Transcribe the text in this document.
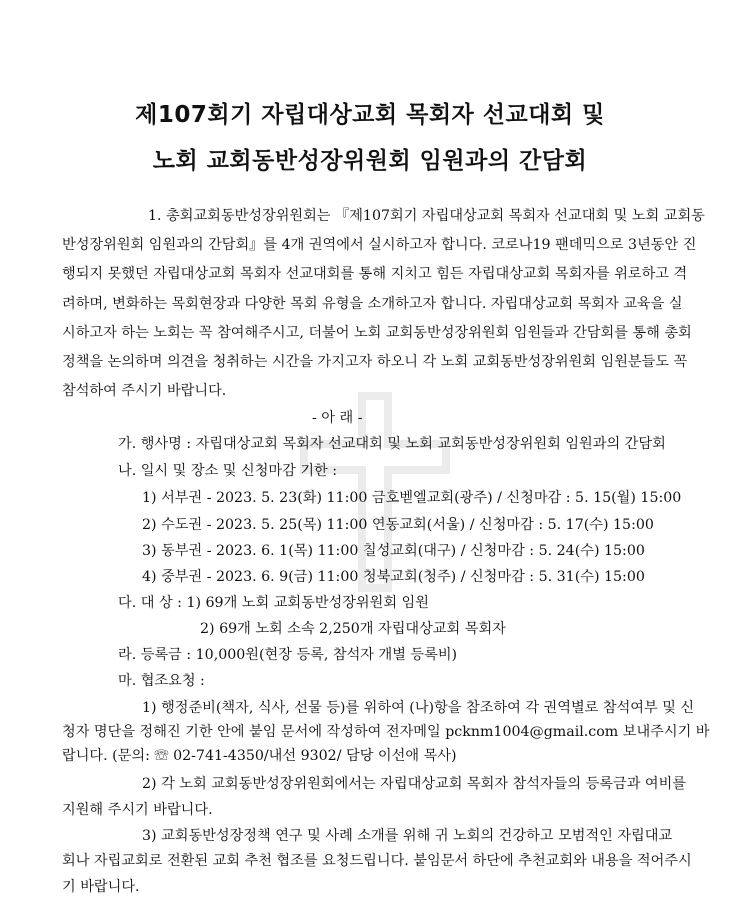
제107회기 자립대상교회 목회자 선교대회 및
노회 교회동반성장위원회 임원과의 간담회
1. 총회교회동반성장위원회는 『제107회기 자립대상교회 목회자 선교대회 및 노회 교회동
반성장위원회 임원과의 간담회』를 4개 권역에서 실시하고자 합니다. 코로나19 팬데믹으로 3년동안 진
행되지 못했던 자립대상교회 목회자 선교대회를 통해 지치고 힘든 자립대상교회 목회자를 위로하고 격
려하며, 변화하는 목회현장과 다양한 목회 유형을 소개하고자 합니다. 자립대상교회 목회자 교육을 실
시하고자 하는 노회는 꼭 참여해주시고, 더불어 노회 교회동반성장위원회 임원들과 간담회를 통해 총회
정책을 논의하며 의견을 청취하는 시간을 가지고자 하오니 각 노회 교회동반성장위원회 임원분들도 꼭
참석하여 주시기 바랍니다.
- 아 래 -
가. 행사명 : 자립대상교회 목회자 선교대회 및 노회 교회동반성장위원회 임원과의 간담회
나. 일시 및 장소 및 신청마감 기한 :
1) 서부권 - 2023. 5. 23(화) 11:00 금호벧엘교회(광주) / 신청마감 : 5. 15(월) 15:00
2) 수도권 - 2023. 5. 25(목) 11:00 연동교회(서울) / 신청마감 : 5. 17(수) 15:00
3) 동부권 - 2023. 6. 1(목) 11:00 칠성교회(대구) / 신청마감 : 5. 24(수) 15:00
4) 중부권 - 2023. 6. 9(금) 11:00 청북교회(청주) / 신청마감 : 5. 31(수) 15:00
다. 대 상 : 1) 69개 노회 교회동반성장위원회 임원
2) 69개 노회 소속 2,250개 자립대상교회 목회자
라. 등록금 : 10,000원(현장 등록, 참석자 개별 등록비)
마. 협조요청 :
1) 행정준비(책자, 식사, 선물 등)를 위하여 (나)항을 참조하여 각 권역별로 참석여부 및 신
청자 명단을 정해진 기한 안에 붙임 문서에 작성하여 전자메일 pcknm1004@gmail.com 보내주시기 바
랍니다. (문의: ☏ 02-741-4350/내선 9302/ 담당 이선애 목사)
2) 각 노회 교회동반성장위원회에서는 자립대상교회 목회자 참석자들의 등록금과 여비를
지원해 주시기 바랍니다.
3) 교회동반성장정책 연구 및 사례 소개를 위해 귀 노회의 건강하고 모범적인 자립대교
회나 자립교회로 전환된 교회 추천 협조를 요청드립니다. 붙임문서 하단에 추천교회와 내용을 적어주시
기 바랍니다.
